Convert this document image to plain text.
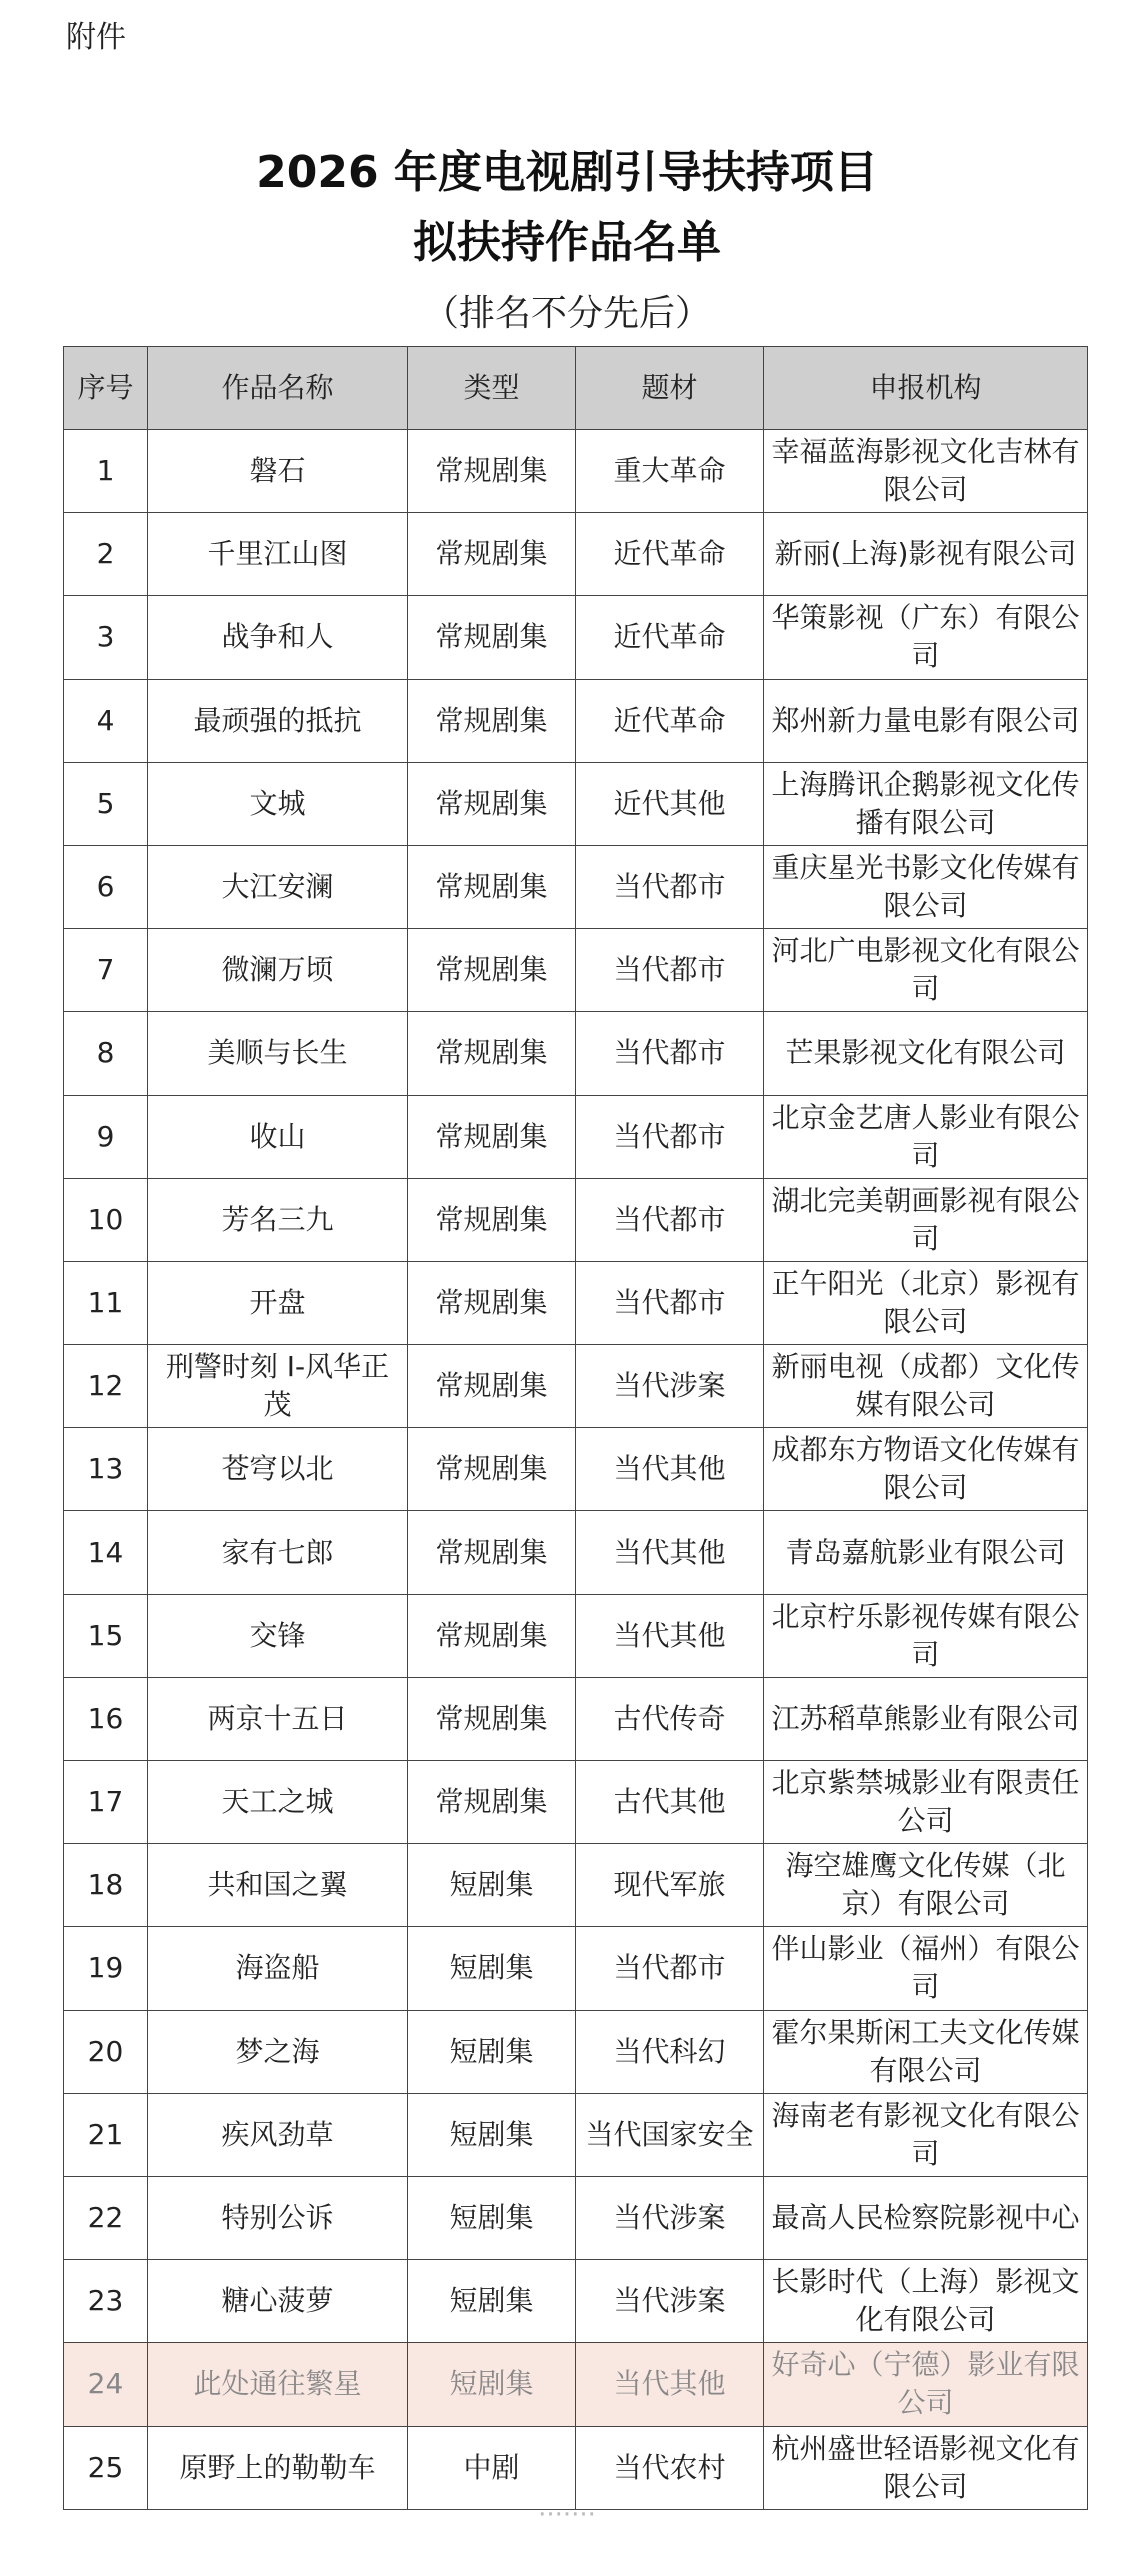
附件
2026 年度电视剧引导扶持项目
拟扶持作品名单
（排名不分先后）
序号	作品名称	类型	题材	申报机构
1	磐石	常规剧集	重大革命	幸福蓝海影视文化吉林有限公司
2	千里江山图	常规剧集	近代革命	新丽(上海)影视有限公司
3	战争和人	常规剧集	近代革命	华策影视（广东）有限公司
4	最顽强的抵抗	常规剧集	近代革命	郑州新力量电影有限公司
5	文城	常规剧集	近代其他	上海腾讯企鹅影视文化传播有限公司
6	大江安澜	常规剧集	当代都市	重庆星光书影文化传媒有限公司
7	微澜万顷	常规剧集	当代都市	河北广电影视文化有限公司
8	美顺与长生	常规剧集	当代都市	芒果影视文化有限公司
9	收山	常规剧集	当代都市	北京金艺唐人影业有限公司
10	芳名三九	常规剧集	当代都市	湖北完美朝画影视有限公司
11	开盘	常规剧集	当代都市	正午阳光（北京）影视有限公司
12	刑警时刻 I-风华正茂	常规剧集	当代涉案	新丽电视（成都）文化传媒有限公司
13	苍穹以北	常规剧集	当代其他	成都东方物语文化传媒有限公司
14	家有七郎	常规剧集	当代其他	青岛嘉航影业有限公司
15	交锋	常规剧集	当代其他	北京柠乐影视传媒有限公司
16	两京十五日	常规剧集	古代传奇	江苏稻草熊影业有限公司
17	天工之城	常规剧集	古代其他	北京紫禁城影业有限责任公司
18	共和国之翼	短剧集	现代军旅	海空雄鹰文化传媒（北京）有限公司
19	海盗船	短剧集	当代都市	伴山影业（福州）有限公司
20	梦之海	短剧集	当代科幻	霍尔果斯闲工夫文化传媒有限公司
21	疾风劲草	短剧集	当代国家安全	海南老有影视文化有限公司
22	特别公诉	短剧集	当代涉案	最高人民检察院影视中心
23	糖心菠萝	短剧集	当代涉案	长影时代（上海）影视文化有限公司
24	此处通往繁星	短剧集	当代其他	好奇心（宁德）影业有限公司
25	原野上的勒勒车	中剧	当代农村	杭州盛世轻语影视文化有限公司
·······
